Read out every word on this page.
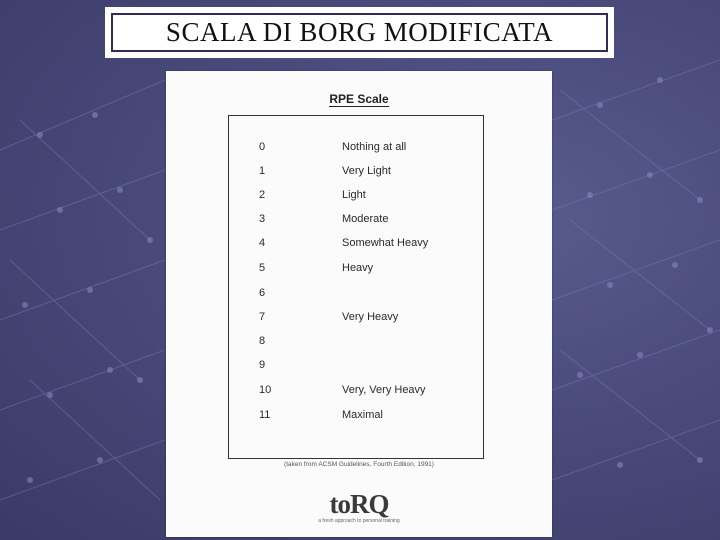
SCALA DI BORG MODIFICATA
RPE Scale
0	Nothing at all
1	Very Light
2	Light
3	Moderate
4	Somewhat Heavy
5	Heavy
6
7	Very Heavy
8
9
10	Very, Very Heavy
11	Maximal
(taken from ACSM Guidelines, Fourth Edition, 1991)
toRQ
a fresh approach to personal training
